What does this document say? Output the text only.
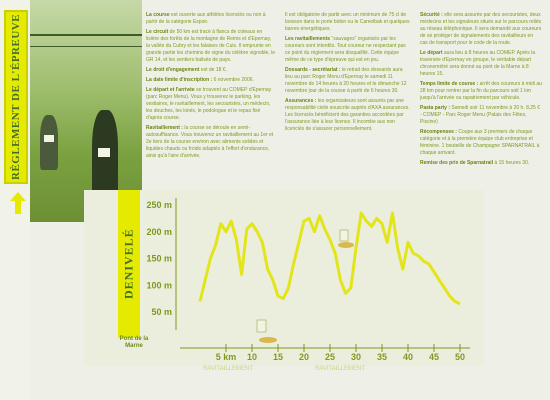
RÈGLEMENT DE L'ÉPREUVE	La course est ouverte aux athlètes licenciés ou non à partir de la catégorie Espoir.

Le circuit de 50 km est tracé à flancs de coteaux en lisière des forêts de la montagne de Reims et d'Epernay, la vallée du Cubry et les falaises de Cuis. Il emprunte en grande partie les chemins de vigne du célèbre vignoble, le GR 14, et les sentiers balisés de pays.

Le droit d'engagement est de 18 €.

La date limite d'inscription : 6 novembre 2006.

Le départ et l'arrivée se trouvent au COMEP d'Epernay (parc Roger Menu). Vous y trouverez le parking, les vestiaires, le ravitaillement, les secouristes, un médecin, les douches, les kinés, le podologue et le repas fixé d'après course.

Ravitaillement : la course se déroule en semi-autosuffisance. Vous trouverez un ravitaillement au 1er et 2e tiers de la course environ avec aliments solides et liquides chauds ou froids adaptés à l'effort d'endurance, ainsi qu'à l'aire d'arrivée.

Il est obligatoire de partir avec un minimum de 75 cl de boisson dans le porte bidon ou le Camelbak et quelques barres énergétiques.

Les ravitaillements "sauvages" organisés par les coureurs sont interdits. Tout coureur ne respectant pas ce point du règlement sera disqualifié. Cette équipe même de ce type d'épreuve qui est en jeu.

Dossards - secrétariat : le retrait des dossards aura lieu au parc Roger Menu d'Epernay le samedi 11 novembre de 14 heures à 20 heures et le dimanche 12 novembre jour de la course à partir de 6 heures 30.

Assurances : les organisateurs sont assurés par une responsabilité civile souscrite auprès d'AXA assurances. Les licenciés bénéficient des garanties accordées par l'assurance liée à leur licence. Il incombe aux non licenciés de s'assurer personnellement.

Sécurité : elle sera assurée par des secouristes, deux médecins et les signaleurs situés sur le parcours reliés au réseau téléphonique. Il sera demandé aux coureurs de se protéger de signalements des ravitailleurs en cas de transport pour le code de la route.

Le départ aura lieu à 8 heures au COMEP. Après la traversée d'Epernay en groupe, le véritable départ chronométré sera donné au pont de la Marne à 8 heures 15.

Temps limite de course : arrêt des coureurs à midi au 28 km pour rentrer par la fin du parcours soit 1 km jusqu'à l'arrivée ou rapatriement par véhicule.

Pasta party : Samedi soir 11 novembre à 20 h. 8,25 € - COMEP - Parc Roger Menu (Palais des Fêtes, Piscine)

Récompenses : Coupe aux 3 premiers de chaque catégorie et à la première équipe club entreprise et féminine. 1 bouteille de Champagne SPARNATRAIL à chaque arrivant.

Remise des prix de Sparnatrail à 15 heures 30.

DENIVELÉ
250 m
200 m
150 m
100 m
50 m
5 km 10 15 20 25 30 35 40 45 50
RAVITAILLEMENT	RAVITAILLEMENT
Pont de la Marne
